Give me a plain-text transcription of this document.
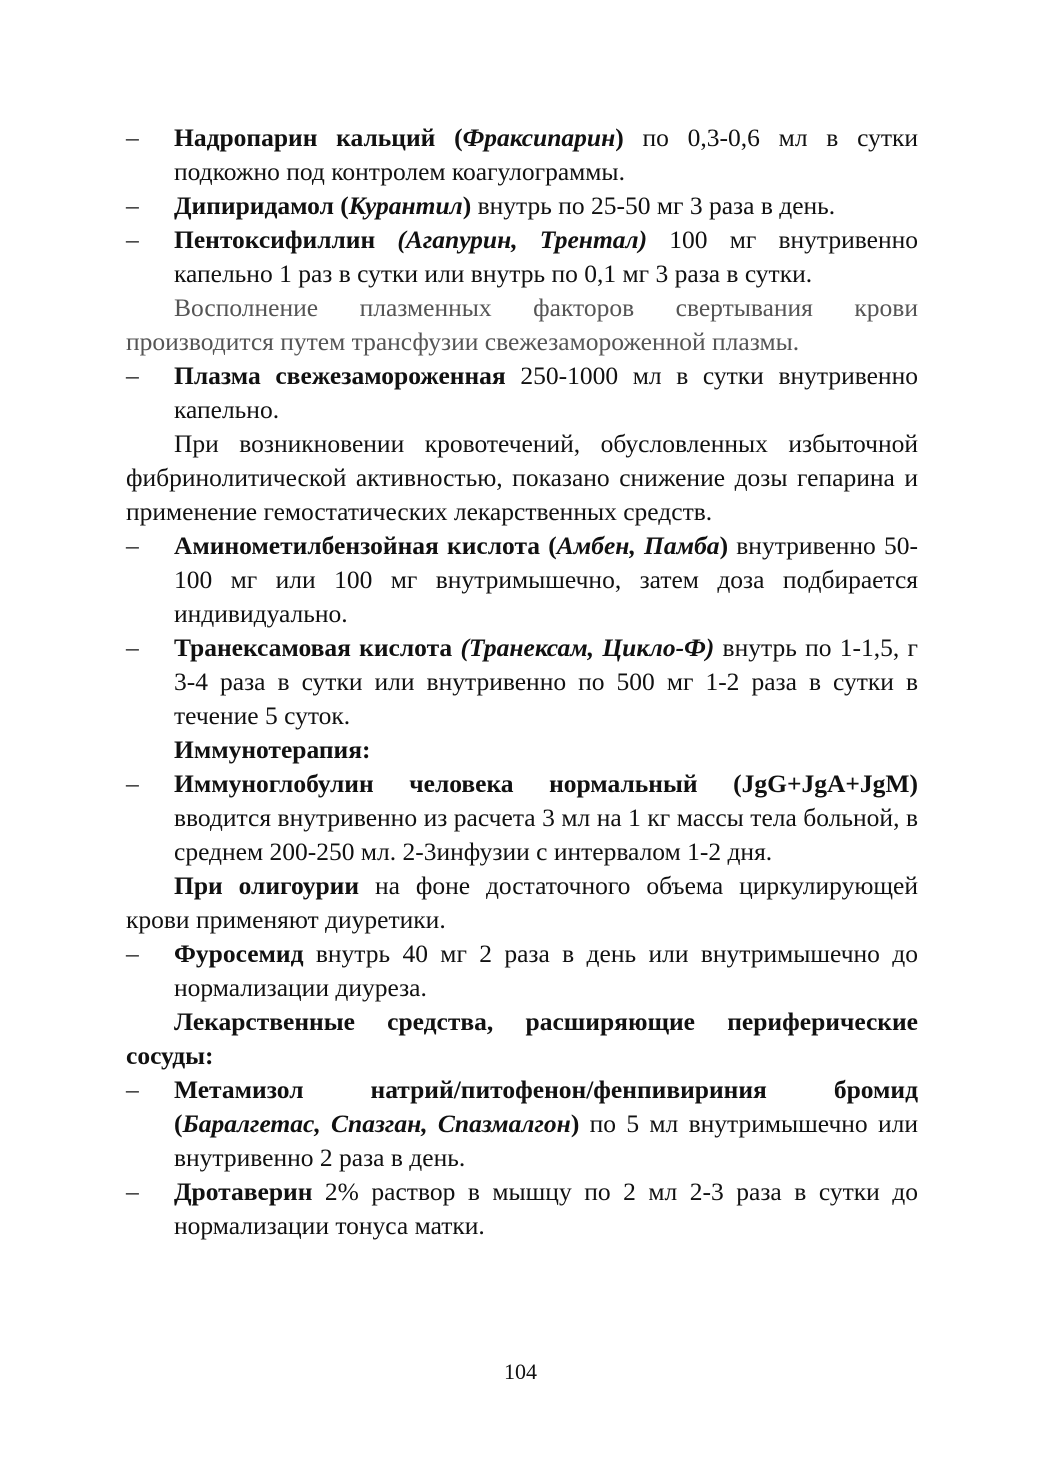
– Надропарин кальций (Фраксипарин) по 0,3-0,6 мл в сутки подкожно под контролем коагулограммы.
– Дипиридамол (Курантил) внутрь по 25-50 мг 3 раза в день.
– Пентоксифиллин (Агапурин, Трентал) 100 мг внутривенно капельно 1 раз в сутки или внутрь по 0,1 мг 3 раза в сутки.
Восполнение плазменных факторов свертывания крови производится путем трансфузии свежезамороженной плазмы.
– Плазма свежезамороженная 250-1000 мл в сутки внутривенно капельно.
При возникновении кровотечений, обусловленных избыточной фибринолитической активностью, показано снижение дозы гепарина и применение гемостатических лекарственных средств.
– Аминометилбензойная кислота (Амбен, Памба) внутривенно 50-100 мг или 100 мг внутримышечно, затем доза подбирается индивидуально.
– Транексамовая кислота (Транексам, Цикло-Ф) внутрь по 1-1,5, г 3-4 раза в сутки или внутривенно по 500 мг 1-2 раза в сутки в течение 5 суток.
Иммунотерапия:
– Иммуноглобулин человека нормальный (JgG+JgA+JgM) вводится внутривенно из расчета 3 мл на 1 кг массы тела больной, в среднем 200-250 мл. 2-3инфузии с интервалом 1-2 дня.
При олигоурии на фоне достаточного объема циркулирующей крови применяют диуретики.
– Фуросемид внутрь 40 мг 2 раза в день или внутримышечно до нормализации диуреза.
Лекарственные средства, расширяющие периферические сосуды:
– Метамизол натрий/питофенон/фенпивириния бромид
(Баралгетас, Спазган, Спазмалгон) по 5 мл внутримышечно или внутривенно 2 раза в день.
– Дротаверин 2% раствор в мышцу по 2 мл 2-3 раза в сутки до нормализации тонуса матки.
104
